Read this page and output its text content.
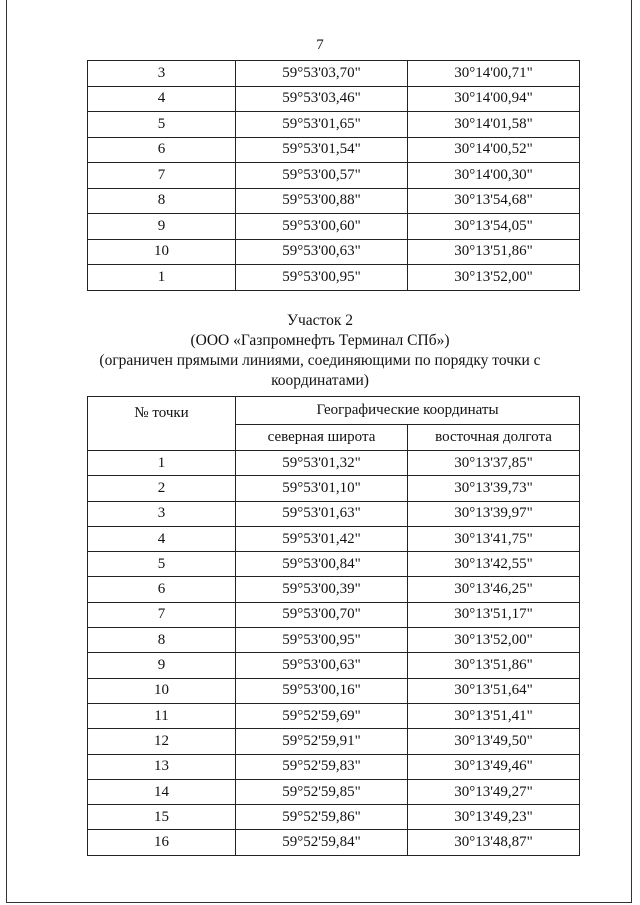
7
3	59°53'03,70"	30°14'00,71"
4	59°53'03,46"	30°14'00,94"
5	59°53'01,65"	30°14'01,58"
6	59°53'01,54"	30°14'00,52"
7	59°53'00,57"	30°14'00,30"
8	59°53'00,88"	30°13'54,68"
9	59°53'00,60"	30°13'54,05"
10	59°53'00,63"	30°13'51,86"
1	59°53'00,95"	30°13'52,00"
Участок 2
(ООО «Газпромнефть Терминал СПб»)
(ограничен прямыми линиями, соединяющими по порядку точки с
координатами)
№ точки	Географические координаты	
	северная широта	восточная долгота
1	59°53'01,32"	30°13'37,85"
2	59°53'01,10"	30°13'39,73"
3	59°53'01,63"	30°13'39,97"
4	59°53'01,42"	30°13'41,75"
5	59°53'00,84"	30°13'42,55"
6	59°53'00,39"	30°13'46,25"
7	59°53'00,70"	30°13'51,17"
8	59°53'00,95"	30°13'52,00"
9	59°53'00,63"	30°13'51,86"
10	59°53'00,16"	30°13'51,64"
11	59°52'59,69"	30°13'51,41"
12	59°52'59,91"	30°13'49,50"
13	59°52'59,83"	30°13'49,46"
14	59°52'59,85"	30°13'49,27"
15	59°52'59,86"	30°13'49,23"
16	59°52'59,84"	30°13'48,87"
